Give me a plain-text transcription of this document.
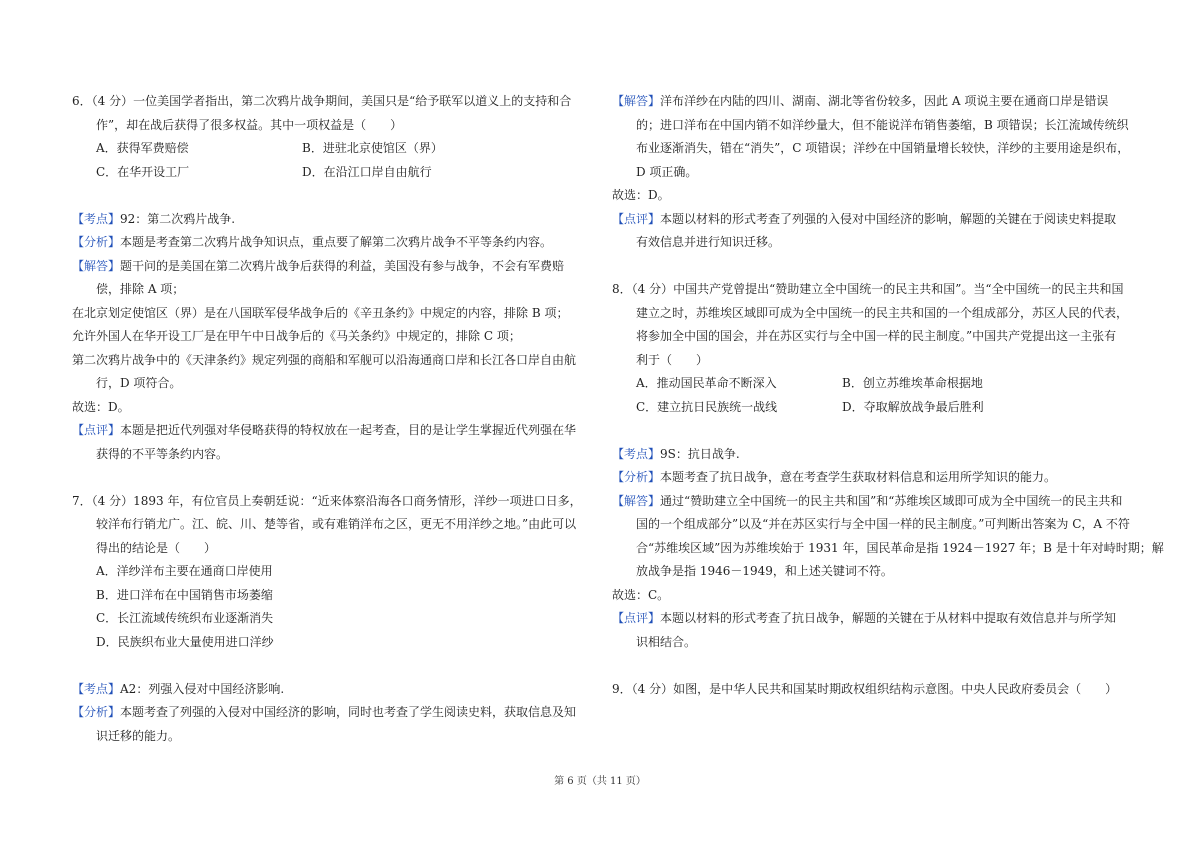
6．（4 分）一位美国学者指出，第二次鸦片战争期间，美国只是“给予联军以道义上的支持和合
作”，却在战后获得了很多权益。其中一项权益是（　　）
A．获得军费赔偿	B．进驻北京使馆区（界）
C．在华开设工厂	D．在沿江口岸自由航行
【考点】92：第二次鸦片战争.
【分析】本题是考查第二次鸦片战争知识点，重点要了解第二次鸦片战争不平等条约内容。
【解答】题干问的是美国在第二次鸦片战争后获得的利益，美国没有参与战争，不会有军费赔
偿，排除 A 项；
在北京划定使馆区（界）是在八国联军侵华战争后的《辛丑条约》中规定的内容，排除 B 项；
允许外国人在华开设工厂是在甲午中日战争后的《马关条约》中规定的，排除 C 项；
第二次鸦片战争中的《天津条约》规定列强的商船和军舰可以沿海通商口岸和长江各口岸自由航
行，D 项符合。
故选：D。
【点评】本题是把近代列强对华侵略获得的特权放在一起考查，目的是让学生掌握近代列强在华
获得的不平等条约内容。
7．（4 分）1893 年，有位官员上奏朝廷说：“近来体察沿海各口商务情形，洋纱一项进口日多，
较洋布行销尤广。江、皖、川、楚等省，或有难销洋布之区，更无不用洋纱之地。”由此可以
得出的结论是（　　）
A．洋纱洋布主要在通商口岸使用
B．进口洋布在中国销售市场萎缩
C．长江流域传统织布业逐渐消失
D．民族织布业大量使用进口洋纱
【考点】A2：列强入侵对中国经济影响.
【分析】本题考查了列强的入侵对中国经济的影响，同时也考查了学生阅读史料，获取信息及知
识迁移的能力。
【解答】洋布洋纱在内陆的四川、湖南、湖北等省份较多，因此 A 项说主要在通商口岸是错误
的；进口洋布在中国内销不如洋纱量大，但不能说洋布销售萎缩，B 项错误；长江流域传统织
布业逐渐消失，错在“消失”，C 项错误；洋纱在中国销量增长较快，洋纱的主要用途是织布，
D 项正确。
故选：D。
【点评】本题以材料的形式考查了列强的入侵对中国经济的影响，解题的关键在于阅读史料提取
有效信息并进行知识迁移。
8．（4 分）中国共产党曾提出“赞助建立全中国统一的民主共和国”。当“全中国统一的民主共和国
建立之时，苏维埃区域即可成为全中国统一的民主共和国的一个组成部分，苏区人民的代表，
将参加全中国的国会，并在苏区实行与全中国一样的民主制度。”中国共产党提出这一主张有
利于（　　）
A．推动国民革命不断深入	B．创立苏维埃革命根据地
C．建立抗日民族统一战线	D．夺取解放战争最后胜利
【考点】9S：抗日战争.
【分析】本题考查了抗日战争，意在考查学生获取材料信息和运用所学知识的能力。
【解答】通过“赞助建立全中国统一的民主共和国”和“苏维埃区域即可成为全中国统一的民主共和
国的一个组成部分”以及“并在苏区实行与全中国一样的民主制度。”可判断出答案为 C，A 不符
合“苏维埃区域”因为苏维埃始于 1931 年，国民革命是指 1924－1927 年；B 是十年对峙时期；解
放战争是指 1946－1949，和上述关键词不符。
故选：C。
【点评】本题以材料的形式考查了抗日战争，解题的关键在于从材料中提取有效信息并与所学知
识相结合。
9．（4 分）如图，是中华人民共和国某时期政权组织结构示意图。中央人民政府委员会（　　）
第 6 页（共 11 页）
